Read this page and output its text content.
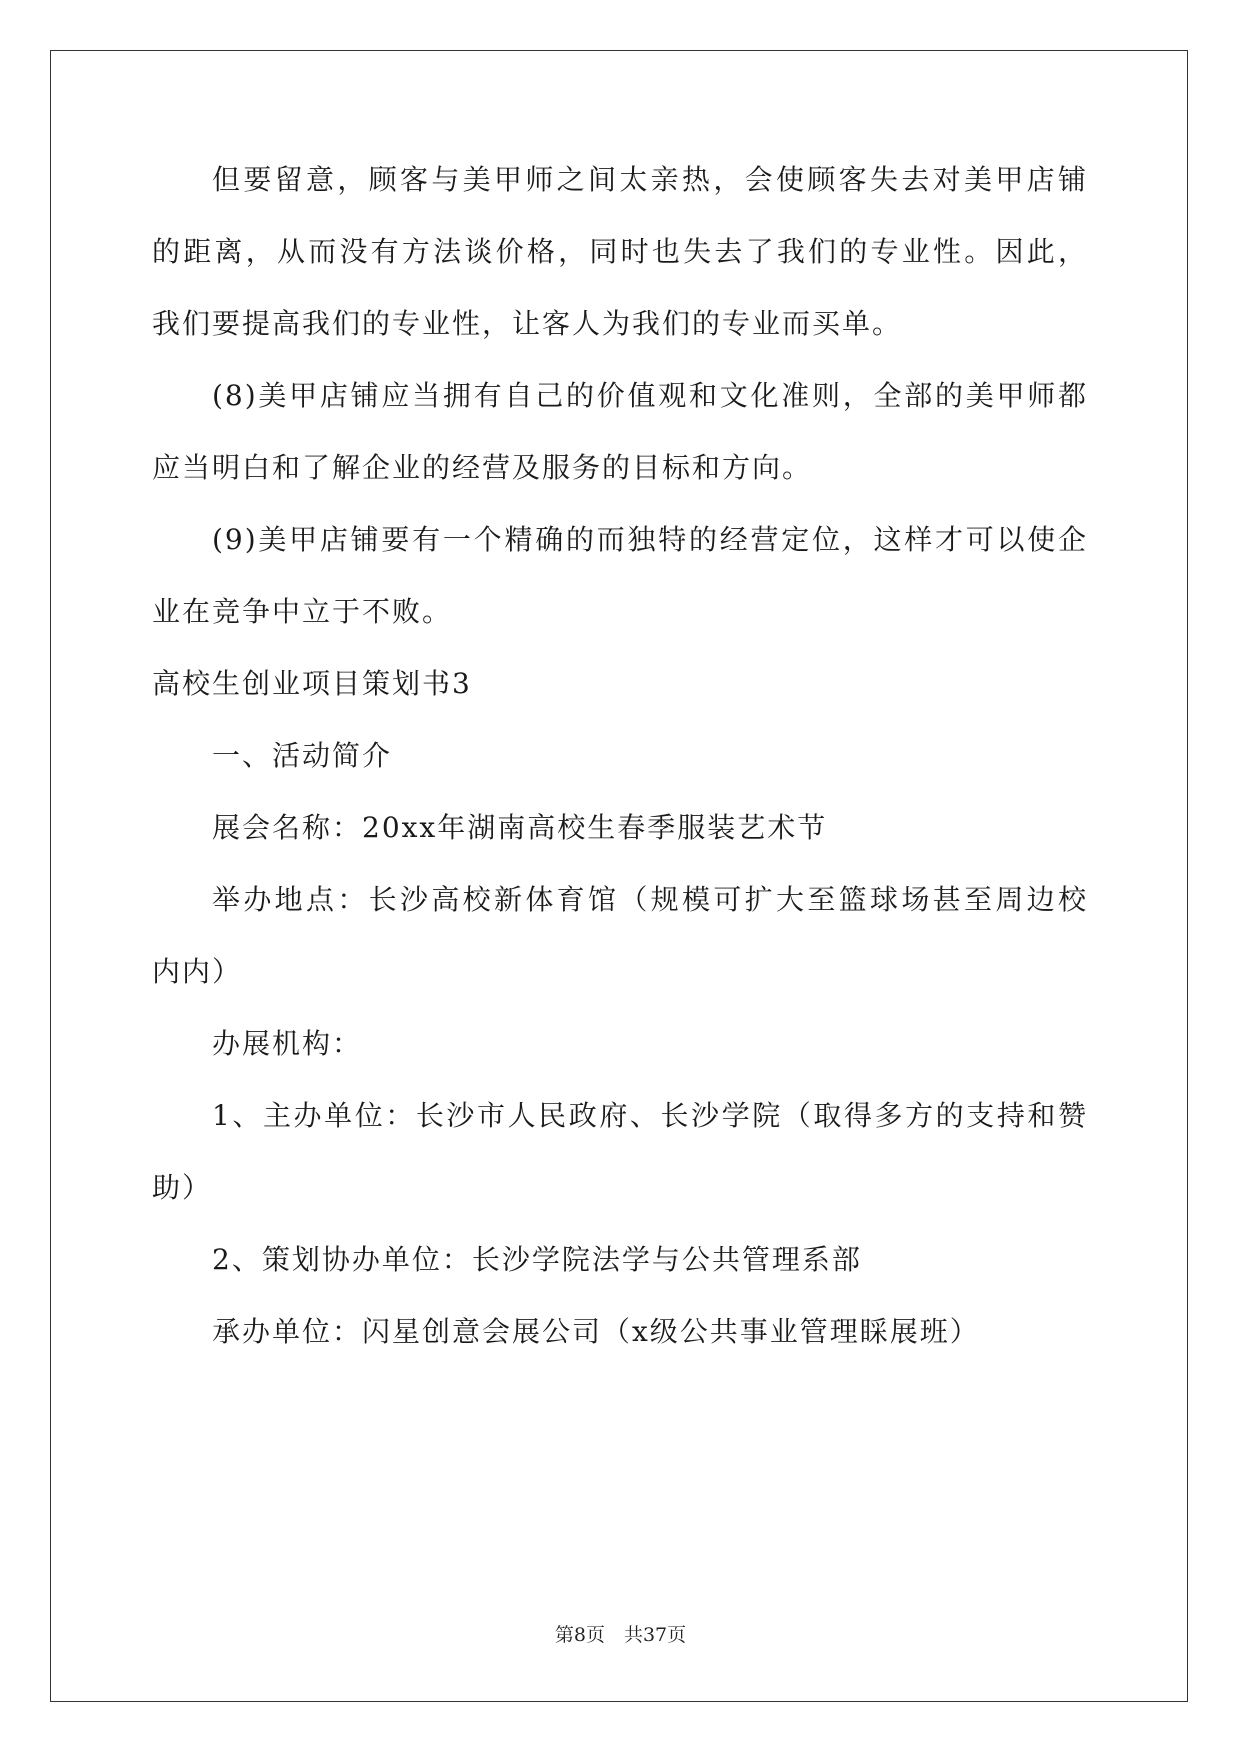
但要留意，顾客与美甲师之间太亲热，会使顾客失去对美甲店铺
的距离，从而没有方法谈价格，同时也失去了我们的专业性。因此，
我们要提高我们的专业性，让客人为我们的专业而买单。
(8)美甲店铺应当拥有自己的价值观和文化准则，全部的美甲师都
应当明白和了解企业的经营及服务的目标和方向。
(9)美甲店铺要有一个精确的而独特的经营定位，这样才可以使企
业在竞争中立于不败。
高校生创业项目策划书3
一、活动简介
展会名称：20xx年湖南高校生春季服装艺术节
举办地点：长沙高校新体育馆（规模可扩大至篮球场甚至周边校
内内）
办展机构：
1、主办单位：长沙市人民政府、长沙学院（取得多方的支持和赞
助）
2、策划协办单位：长沙学院法学与公共管理系部
承办单位：闪星创意会展公司（x级公共事业管理睬展班）
第8页　共37页
